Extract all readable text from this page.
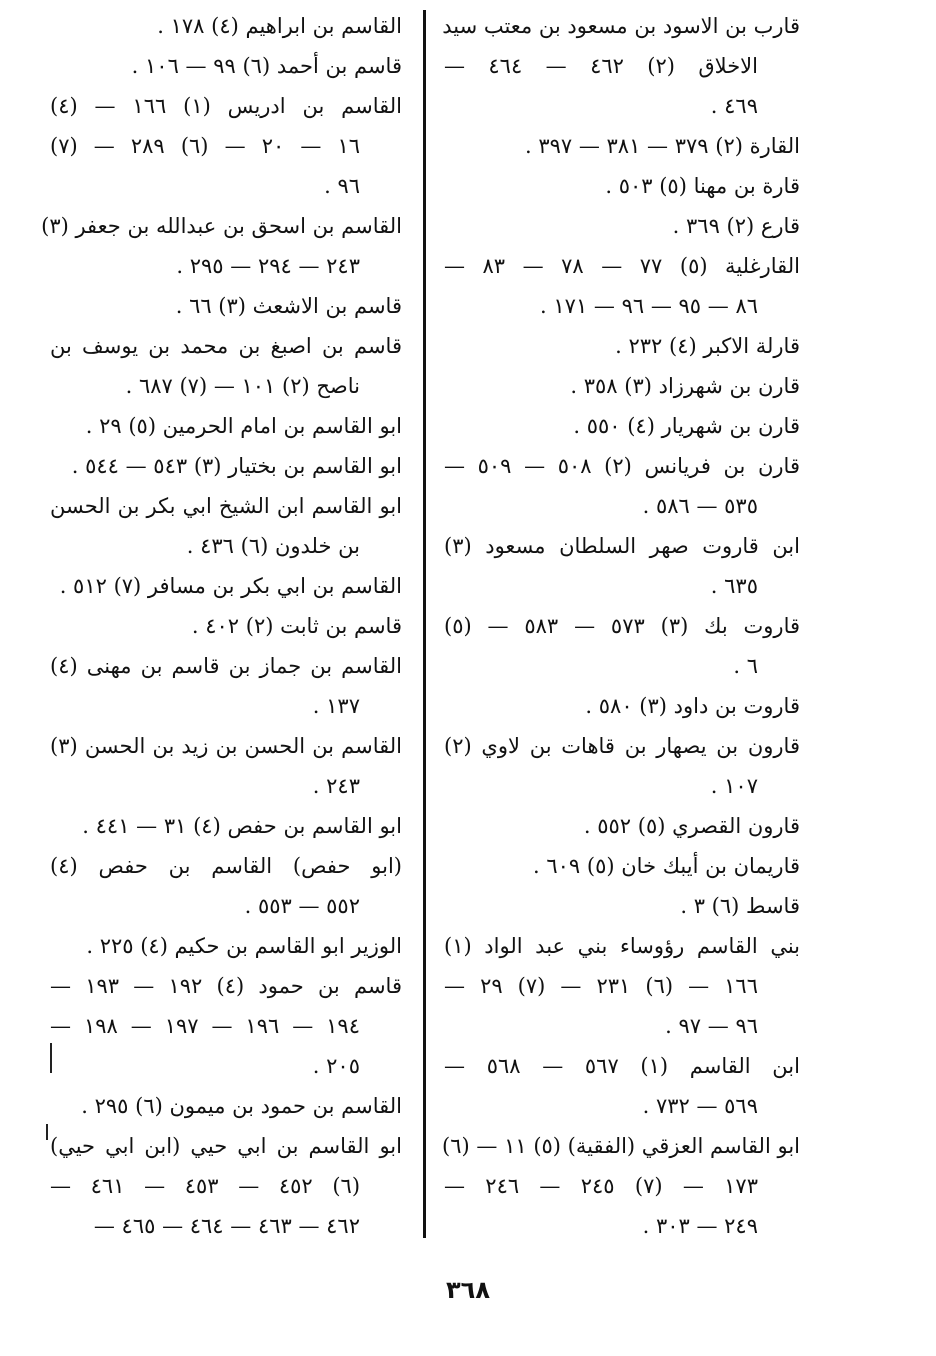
قارب بن الاسود بن مسعود بن معتب سيد
الاخلاق (٢) ٤٦٢ — ٤٦٤ —
٤٦٩ .
القارة (٢) ٣٧٩ — ٣٨١ — ٣٩٧ .
قارة بن مهنا (٥) ٥٠٣ .
قارع (٢) ٣٦٩ .
القارغلية (٥) ٧٧ — ٧٨ — ٨٣ —
٨٦ — ٩٥ — ٩٦ — ١٧١ .
قارلة الاكبر (٤) ٢٣٢ .
قارن بن شهرزاد (٣) ٣٥٨ .
قارن بن شهريار (٤) ٥٥٠ .
قارن بن فريانس (٢) ٥٠٨ — ٥٠٩ —
٥٣٥ — ٥٨٦ .
ابن قاروت صهر السلطان مسعود (٣)
٦٣٥ .
قاروت بك (٣) ٥٧٣ — ٥٨٣ — (٥)
٦ .
قاروت بن داود (٣) ٥٨٠ .
قارون بن يصهار بن قاهات بن لاوي (٢)
١٠٧ .
قارون القصري (٥) ٥٥٢ .
قاريمان بن أيبك خان (٥) ٦٠٩ .
قاسط (٦) ٣ .
بني القاسم رؤوساء بني عبد الواد (١)
١٦٦ — (٦) ٢٣١ — (٧) ٢٩ —
٩٦ — ٩٧ .
ابن القاسم (١) ٥٦٧ — ٥٦٨ —
٥٦٩ — ٧٣٢ .
ابو القاسم العزقي (الفقية) (٥) ١١ — (٦)
١٧٣ — (٧) ٢٤٥ — ٢٤٦ —
٢٤٩ — ٣٠٣ .
القاسم بن ابراهيم (٤) ١٧٨ .
قاسم بن أحمد (٦) ٩٩ — ١٠٦ .
القاسم بن ادريس (١) ١٦٦ — (٤)
١٦ — ٢٠ — (٦) ٢٨٩ — (٧)
٩٦ .
القاسم بن اسحق بن عبدالله بن جعفر (٣)
٢٤٣ — ٢٩٤ — ٢٩٥ .
قاسم بن الاشعث (٣) ٦٦ .
قاسم بن اصبغ بن محمد بن يوسف بن
ناصح (٢) ١٠١ — (٧) ٦٨٧ .
ابو القاسم بن امام الحرمين (٥) ٢٩ .
ابو القاسم بن بختيار (٣) ٥٤٣ — ٥٤٤ .
ابو القاسم ابن الشيخ ابي بكر بن الحسن
بن خلدون (٦) ٤٣٦ .
القاسم بن ابي بكر بن مسافر (٧) ٥١٢ .
قاسم بن ثابت (٢) ٤٠٢ .
القاسم بن جماز بن قاسم بن مهنى (٤)
١٣٧ .
القاسم بن الحسن بن زيد بن الحسن (٣)
٢٤٣ .
ابو القاسم بن حفص (٤) ٣١ — ٤٤١ .
(ابو حفص) القاسم بن حفص (٤)
٥٥٢ — ٥٥٣ .
الوزير ابو القاسم بن حكيم (٤) ٢٢٥ .
قاسم بن حمود (٤) ١٩٢ — ١٩٣ —
١٩٤ — ١٩٦ — ١٩٧ — ١٩٨ —
٢٠٥ .
القاسم بن حمود بن ميمون (٦) ٢٩٥ .
ابو القاسم بن ابي حيي (ابن ابي حيي)
(٦) ٤٥٢ — ٤٥٣ — ٤٦١ —
٤٦٢ — ٤٦٣ — ٤٦٤ — ٤٦٥ —
٣٦٨
